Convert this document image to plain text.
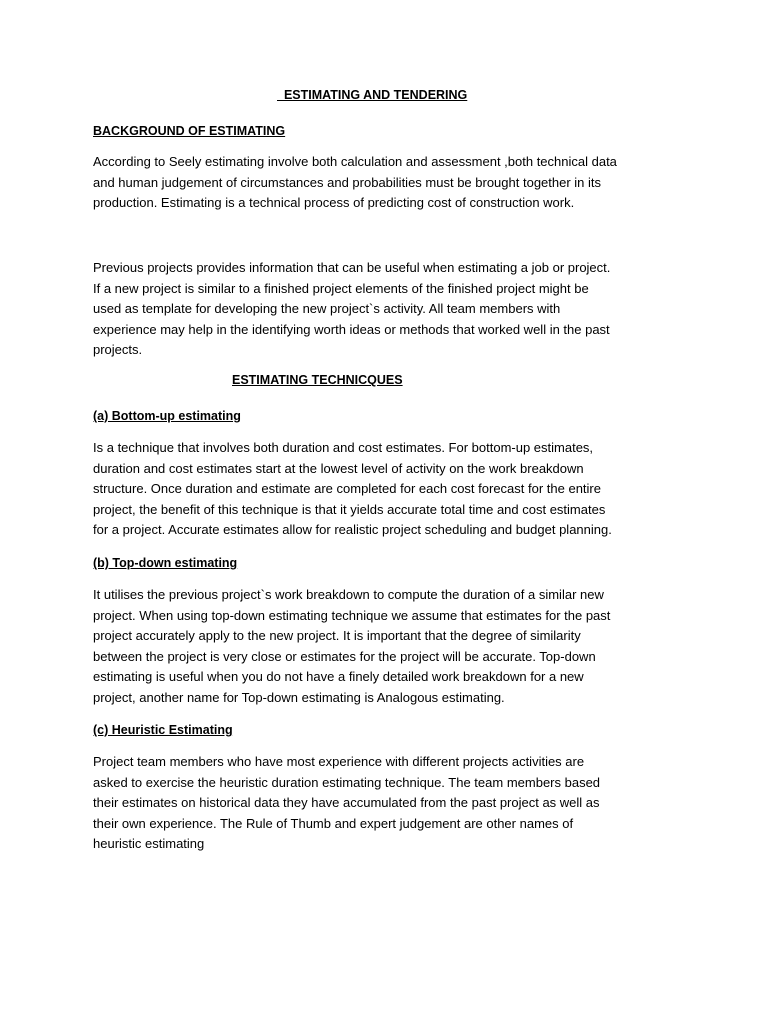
ESTIMATING AND TENDERING
BACKGROUND OF ESTIMATING
According to Seely estimating involve both calculation and assessment ,both technical data
and human judgement of circumstances and probabilities must be brought together in its
production. Estimating is a technical process of predicting cost of construction work.
Previous projects provides information that can be useful when estimating a job or project.
If a new project is similar to a finished project elements of the finished project might be
used as template for developing the new project`s activity. All team members with
experience may help in the identifying worth ideas or methods that worked well in the past
projects.
ESTIMATING TECHNICQUES
(a) Bottom-up estimating
Is a technique that involves both duration and cost estimates. For bottom-up estimates,
duration and cost estimates start at the lowest level of activity on the work breakdown
structure. Once duration and estimate are completed for each cost forecast for the entire
project, the benefit of this technique is that it yields accurate total time and cost estimates
for a project. Accurate estimates allow for realistic project scheduling and budget planning.
(b) Top-down estimating
It utilises the previous project`s work breakdown to compute the duration of a similar new
project. When using top-down estimating technique we assume that estimates for the past
project accurately apply to the new project. It is important that the degree of similarity
between the project is very close or estimates for the project will be accurate. Top-down
estimating is useful when you do not have a finely detailed work breakdown for a new
project, another name for Top-down estimating is Analogous estimating.
(c) Heuristic Estimating
Project team members who have most experience with different projects activities are
asked to exercise the heuristic duration estimating technique. The team members based
their estimates on historical data they have accumulated from the past project as well as
their own experience. The Rule of Thumb and expert judgement are other names of
heuristic estimating
